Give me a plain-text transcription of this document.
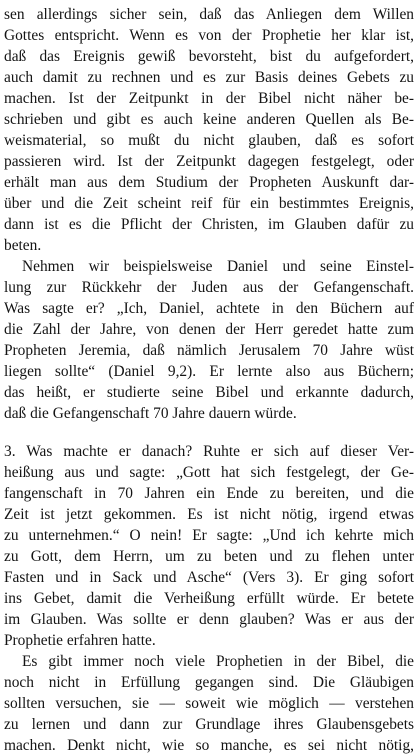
sen allerdings sicher sein, daß das Anliegen dem Willen
Gottes entspricht. Wenn es von der Prophetie her klar ist,
daß das Ereignis gewiß bevorsteht, bist du aufgefordert,
auch damit zu rechnen und es zur Basis deines Gebets zu
machen. Ist der Zeitpunkt in der Bibel nicht näher be-
schrieben und gibt es auch keine anderen Quellen als Be-
weismaterial, so mußt du nicht glauben, daß es sofort
passieren wird. Ist der Zeitpunkt dagegen festgelegt, oder
erhält man aus dem Studium der Propheten Auskunft dar-
über und die Zeit scheint reif für ein bestimmtes Ereignis,
dann ist es die Pflicht der Christen, im Glauben dafür zu
beten.
Nehmen wir beispielsweise Daniel und seine Einstel-
lung zur Rückkehr der Juden aus der Gefangenschaft.
Was sagte er? „Ich, Daniel, achtete in den Büchern auf
die Zahl der Jahre, von denen der Herr geredet hatte zum
Propheten Jeremia, daß nämlich Jerusalem 70 Jahre wüst
liegen sollte“ (Daniel 9,2). Er lernte also aus Büchern;
das heißt, er studierte seine Bibel und erkannte dadurch,
daß die Gefangenschaft 70 Jahre dauern würde.
3. Was machte er danach? Ruhte er sich auf dieser Ver-
heißung aus und sagte: „Gott hat sich festgelegt, der Ge-
fangenschaft in 70 Jahren ein Ende zu bereiten, und die
Zeit ist jetzt gekommen. Es ist nicht nötig, irgend etwas
zu unternehmen.“ O nein! Er sagte: „Und ich kehrte mich
zu Gott, dem Herrn, um zu beten und zu flehen unter
Fasten und in Sack und Asche“ (Vers 3). Er ging sofort
ins Gebet, damit die Verheißung erfüllt würde. Er betete
im Glauben. Was sollte er denn glauben? Was er aus der
Prophetie erfahren hatte.
Es gibt immer noch viele Prophetien in der Bibel, die
noch nicht in Erfüllung gegangen sind. Die Gläubigen
sollten versuchen, sie — soweit wie möglich — verstehen
zu lernen und dann zur Grundlage ihres Glaubensgebets
machen. Denkt nicht, wie so manche, es sei nicht nötig,
